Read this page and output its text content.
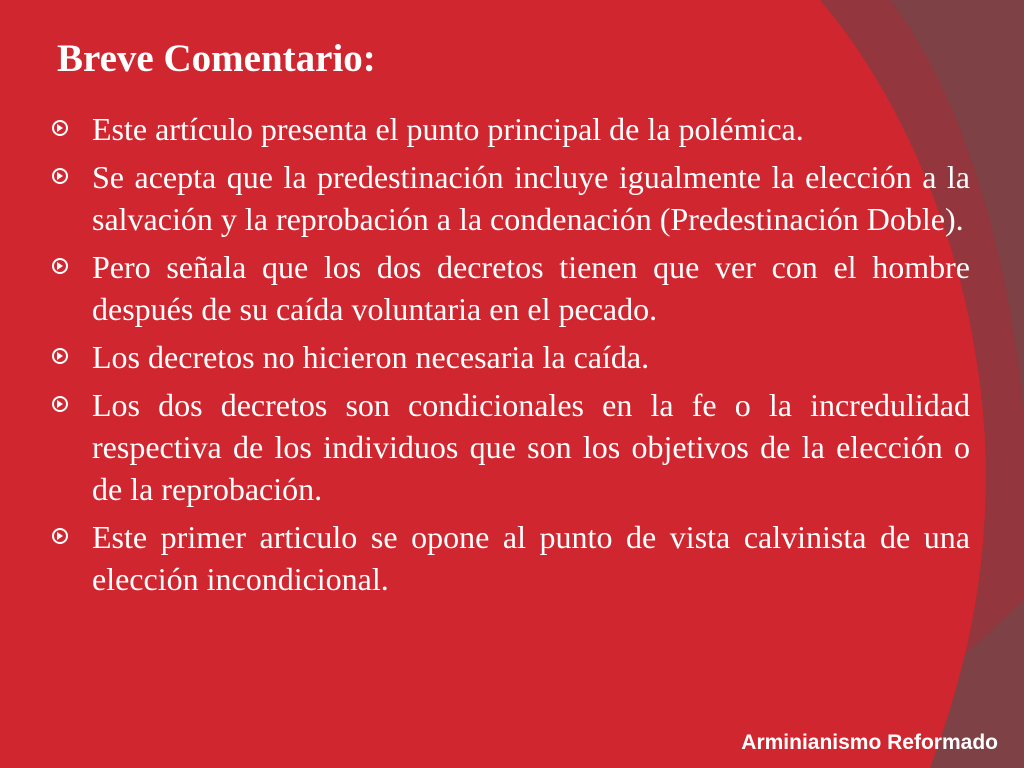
Breve Comentario:
Este artículo presenta el punto principal de la polémica.
Se acepta que la predestinación incluye igualmente la elección a la salvación y la reprobación a la condenación (Predestinación Doble).
Pero señala que los dos decretos tienen que ver con el hombre después de su caída voluntaria en el pecado.
Los decretos no hicieron necesaria la caída.
Los dos decretos son condicionales en la fe o la incredulidad respectiva de los individuos que son los objetivos de la elección o de la reprobación.
Este primer articulo se opone al punto de vista calvinista de una elección incondicional.
Arminianismo Reformado
